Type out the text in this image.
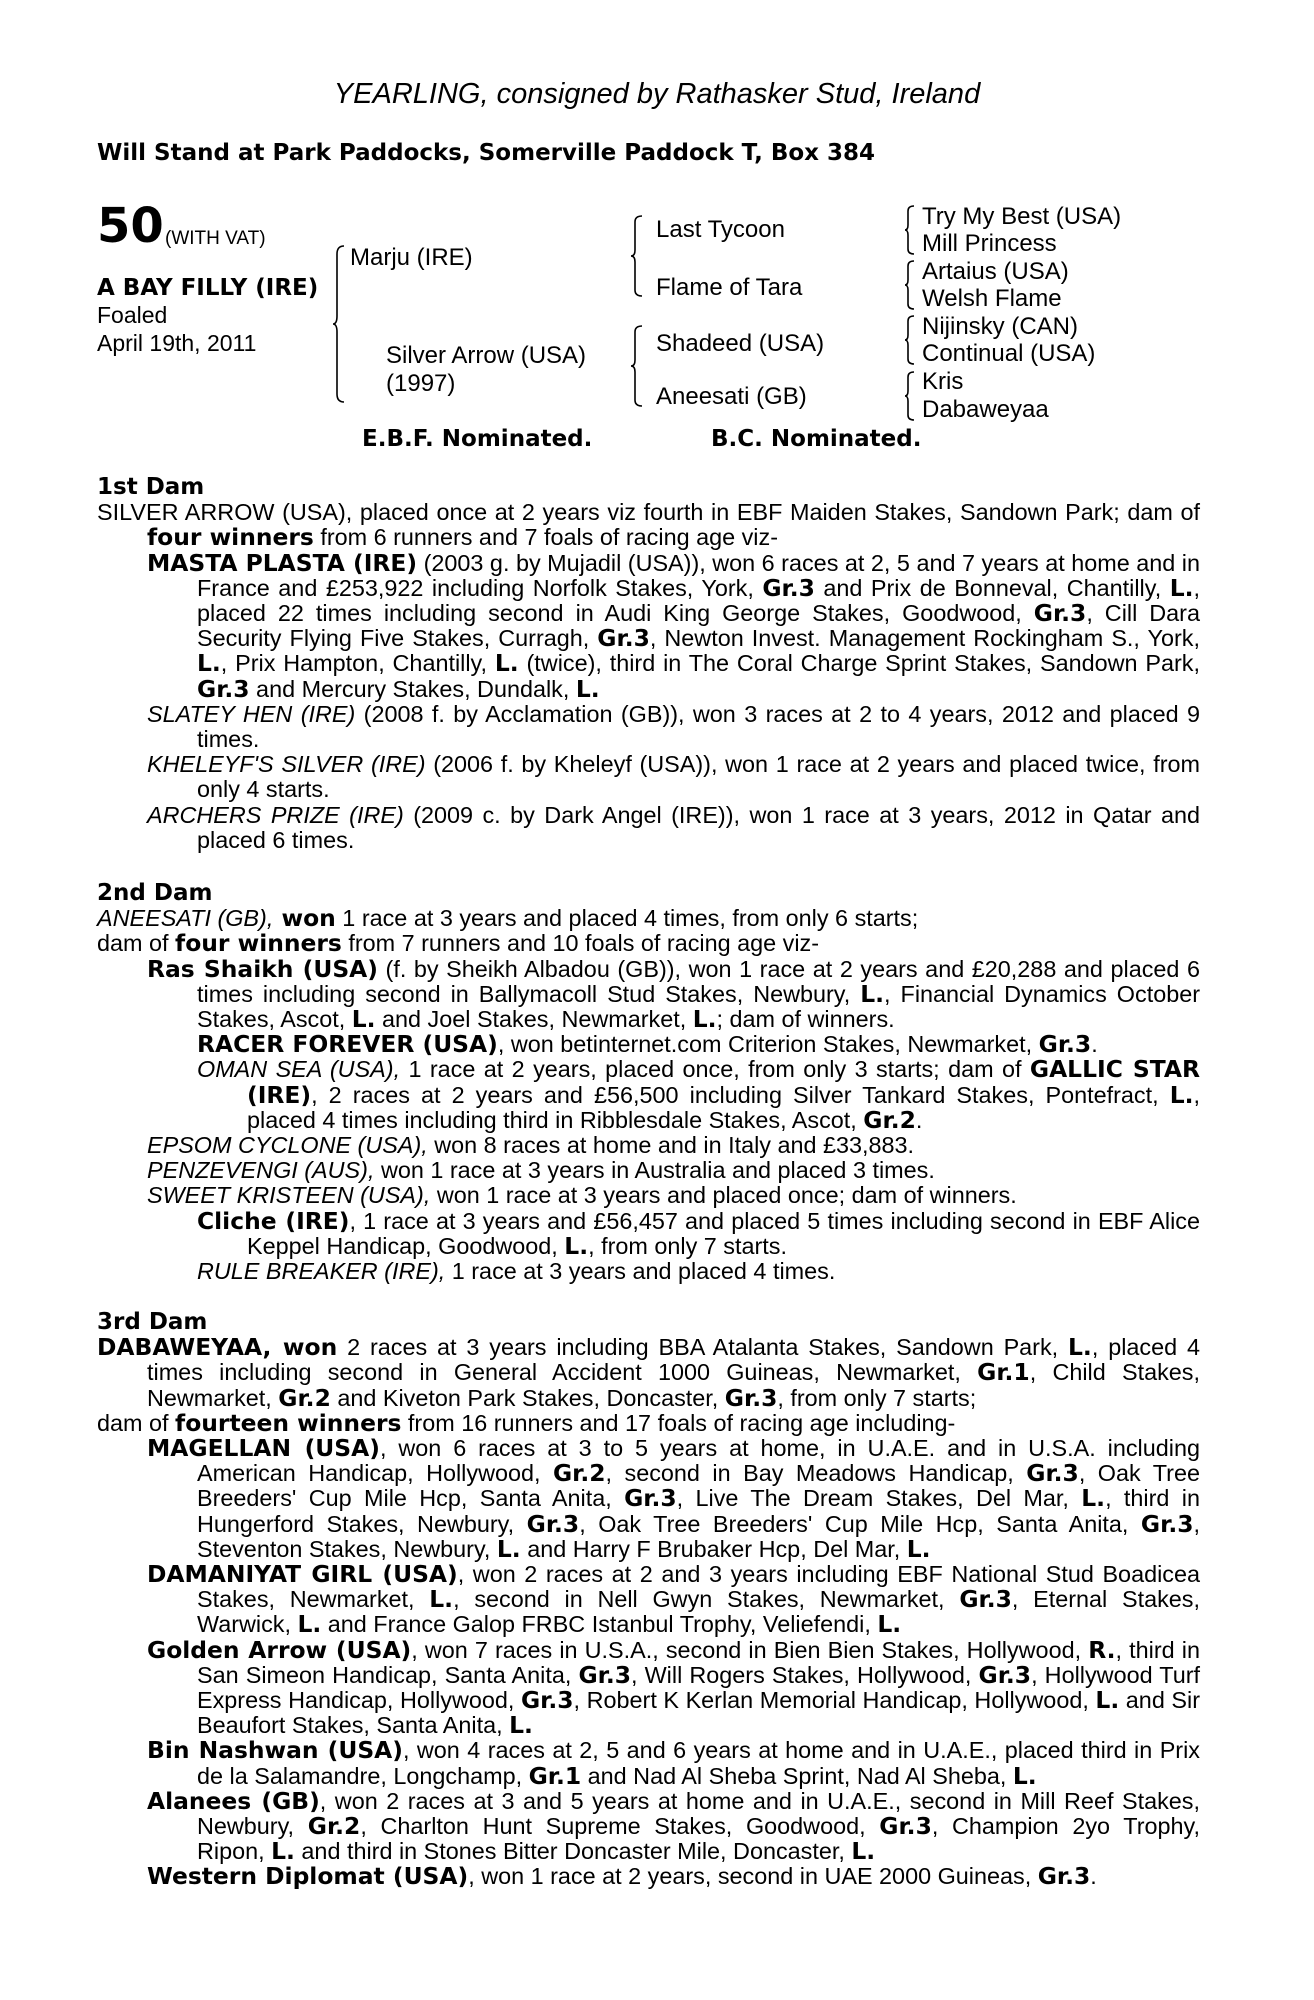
YEARLING, consigned by Rathasker Stud, Ireland
Will Stand at Park Paddocks, Somerville Paddock T, Box 384
50 (WITH VAT)
A BAY FILLY (IRE)
Foaled
April 19th, 2011
Marju (IRE)
Silver Arrow (USA)
(1997)
Last Tycoon
Flame of Tara
Shadeed (USA)
Aneesati (GB)
Try My Best (USA)
Mill Princess
Artaius (USA)
Welsh Flame
Nijinsky (CAN)
Continual (USA)
Kris
Dabaweyaa
E.B.F. Nominated.	B.C. Nominated.

1st Dam

SILVER ARROW (USA), placed once at 2 years viz fourth in EBF Maiden Stakes, Sandown Park; dam of four winners from 6 runners and 7 foals of racing age viz-

MASTA PLASTA (IRE) (2003 g. by Mujadil (USA)), won 6 races at 2, 5 and 7 years at home and in France and £253,922 including Norfolk Stakes, York, Gr.3 and Prix de Bonneval, Chantilly, L., placed 22 times including second in Audi King George Stakes, Goodwood, Gr.3, Cill Dara Security Flying Five Stakes, Curragh, Gr.3, Newton Invest. Management Rockingham S., York, L., Prix Hampton, Chantilly, L. (twice), third in The Coral Charge Sprint Stakes, Sandown Park, Gr.3 and Mercury Stakes, Dundalk, L.

SLATEY HEN (IRE) (2008 f. by Acclamation (GB)), won 3 races at 2 to 4 years, 2012 and placed 9 times.

KHELEYF'S SILVER (IRE) (2006 f. by Kheleyf (USA)), won 1 race at 2 years and placed twice, from only 4 starts.

ARCHERS PRIZE (IRE) (2009 c. by Dark Angel (IRE)), won 1 race at 3 years, 2012 in Qatar and placed 6 times.

2nd Dam

ANEESATI (GB), won 1 race at 3 years and placed 4 times, from only 6 starts;

dam of four winners from 7 runners and 10 foals of racing age viz-

Ras Shaikh (USA) (f. by Sheikh Albadou (GB)), won 1 race at 2 years and £20,288 and placed 6 times including second in Ballymacoll Stud Stakes, Newbury, L., Financial Dynamics October Stakes, Ascot, L. and Joel Stakes, Newmarket, L.; dam of winners.

RACER FOREVER (USA), won betinternet.com Criterion Stakes, Newmarket, Gr.3.

OMAN SEA (USA), 1 race at 2 years, placed once, from only 3 starts; dam of GALLIC STAR (IRE), 2 races at 2 years and £56,500 including Silver Tankard Stakes, Pontefract, L., placed 4 times including third in Ribblesdale Stakes, Ascot, Gr.2.

EPSOM CYCLONE (USA), won 8 races at home and in Italy and £33,883.

PENZEVENGI (AUS), won 1 race at 3 years in Australia and placed 3 times.

SWEET KRISTEEN (USA), won 1 race at 3 years and placed once; dam of winners.

Cliche (IRE), 1 race at 3 years and £56,457 and placed 5 times including second in EBF Alice Keppel Handicap, Goodwood, L., from only 7 starts.

RULE BREAKER (IRE), 1 race at 3 years and placed 4 times.

3rd Dam

DABAWEYAA, won 2 races at 3 years including BBA Atalanta Stakes, Sandown Park, L., placed 4 times including second in General Accident 1000 Guineas, Newmarket, Gr.1, Child Stakes, Newmarket, Gr.2 and Kiveton Park Stakes, Doncaster, Gr.3, from only 7 starts;

dam of fourteen winners from 16 runners and 17 foals of racing age including-

MAGELLAN (USA), won 6 races at 3 to 5 years at home, in U.A.E. and in U.S.A. including American Handicap, Hollywood, Gr.2, second in Bay Meadows Handicap, Gr.3, Oak Tree Breeders' Cup Mile Hcp, Santa Anita, Gr.3, Live The Dream Stakes, Del Mar, L., third in Hungerford Stakes, Newbury, Gr.3, Oak Tree Breeders' Cup Mile Hcp, Santa Anita, Gr.3, Steventon Stakes, Newbury, L. and Harry F Brubaker Hcp, Del Mar, L.

DAMANIYAT GIRL (USA), won 2 races at 2 and 3 years including EBF National Stud Boadicea Stakes, Newmarket, L., second in Nell Gwyn Stakes, Newmarket, Gr.3, Eternal Stakes, Warwick, L. and France Galop FRBC Istanbul Trophy, Veliefendi, L.

Golden Arrow (USA), won 7 races in U.S.A., second in Bien Bien Stakes, Hollywood, R., third in San Simeon Handicap, Santa Anita, Gr.3, Will Rogers Stakes, Hollywood, Gr.3, Hollywood Turf Express Handicap, Hollywood, Gr.3, Robert K Kerlan Memorial Handicap, Hollywood, L. and Sir Beaufort Stakes, Santa Anita, L.

Bin Nashwan (USA), won 4 races at 2, 5 and 6 years at home and in U.A.E., placed third in Prix de la Salamandre, Longchamp, Gr.1 and Nad Al Sheba Sprint, Nad Al Sheba, L.

Alanees (GB), won 2 races at 3 and 5 years at home and in U.A.E., second in Mill Reef Stakes, Newbury, Gr.2, Charlton Hunt Supreme Stakes, Goodwood, Gr.3, Champion 2yo Trophy, Ripon, L. and third in Stones Bitter Doncaster Mile, Doncaster, L.

Western Diplomat (USA), won 1 race at 2 years, second in UAE 2000 Guineas, Gr.3.
